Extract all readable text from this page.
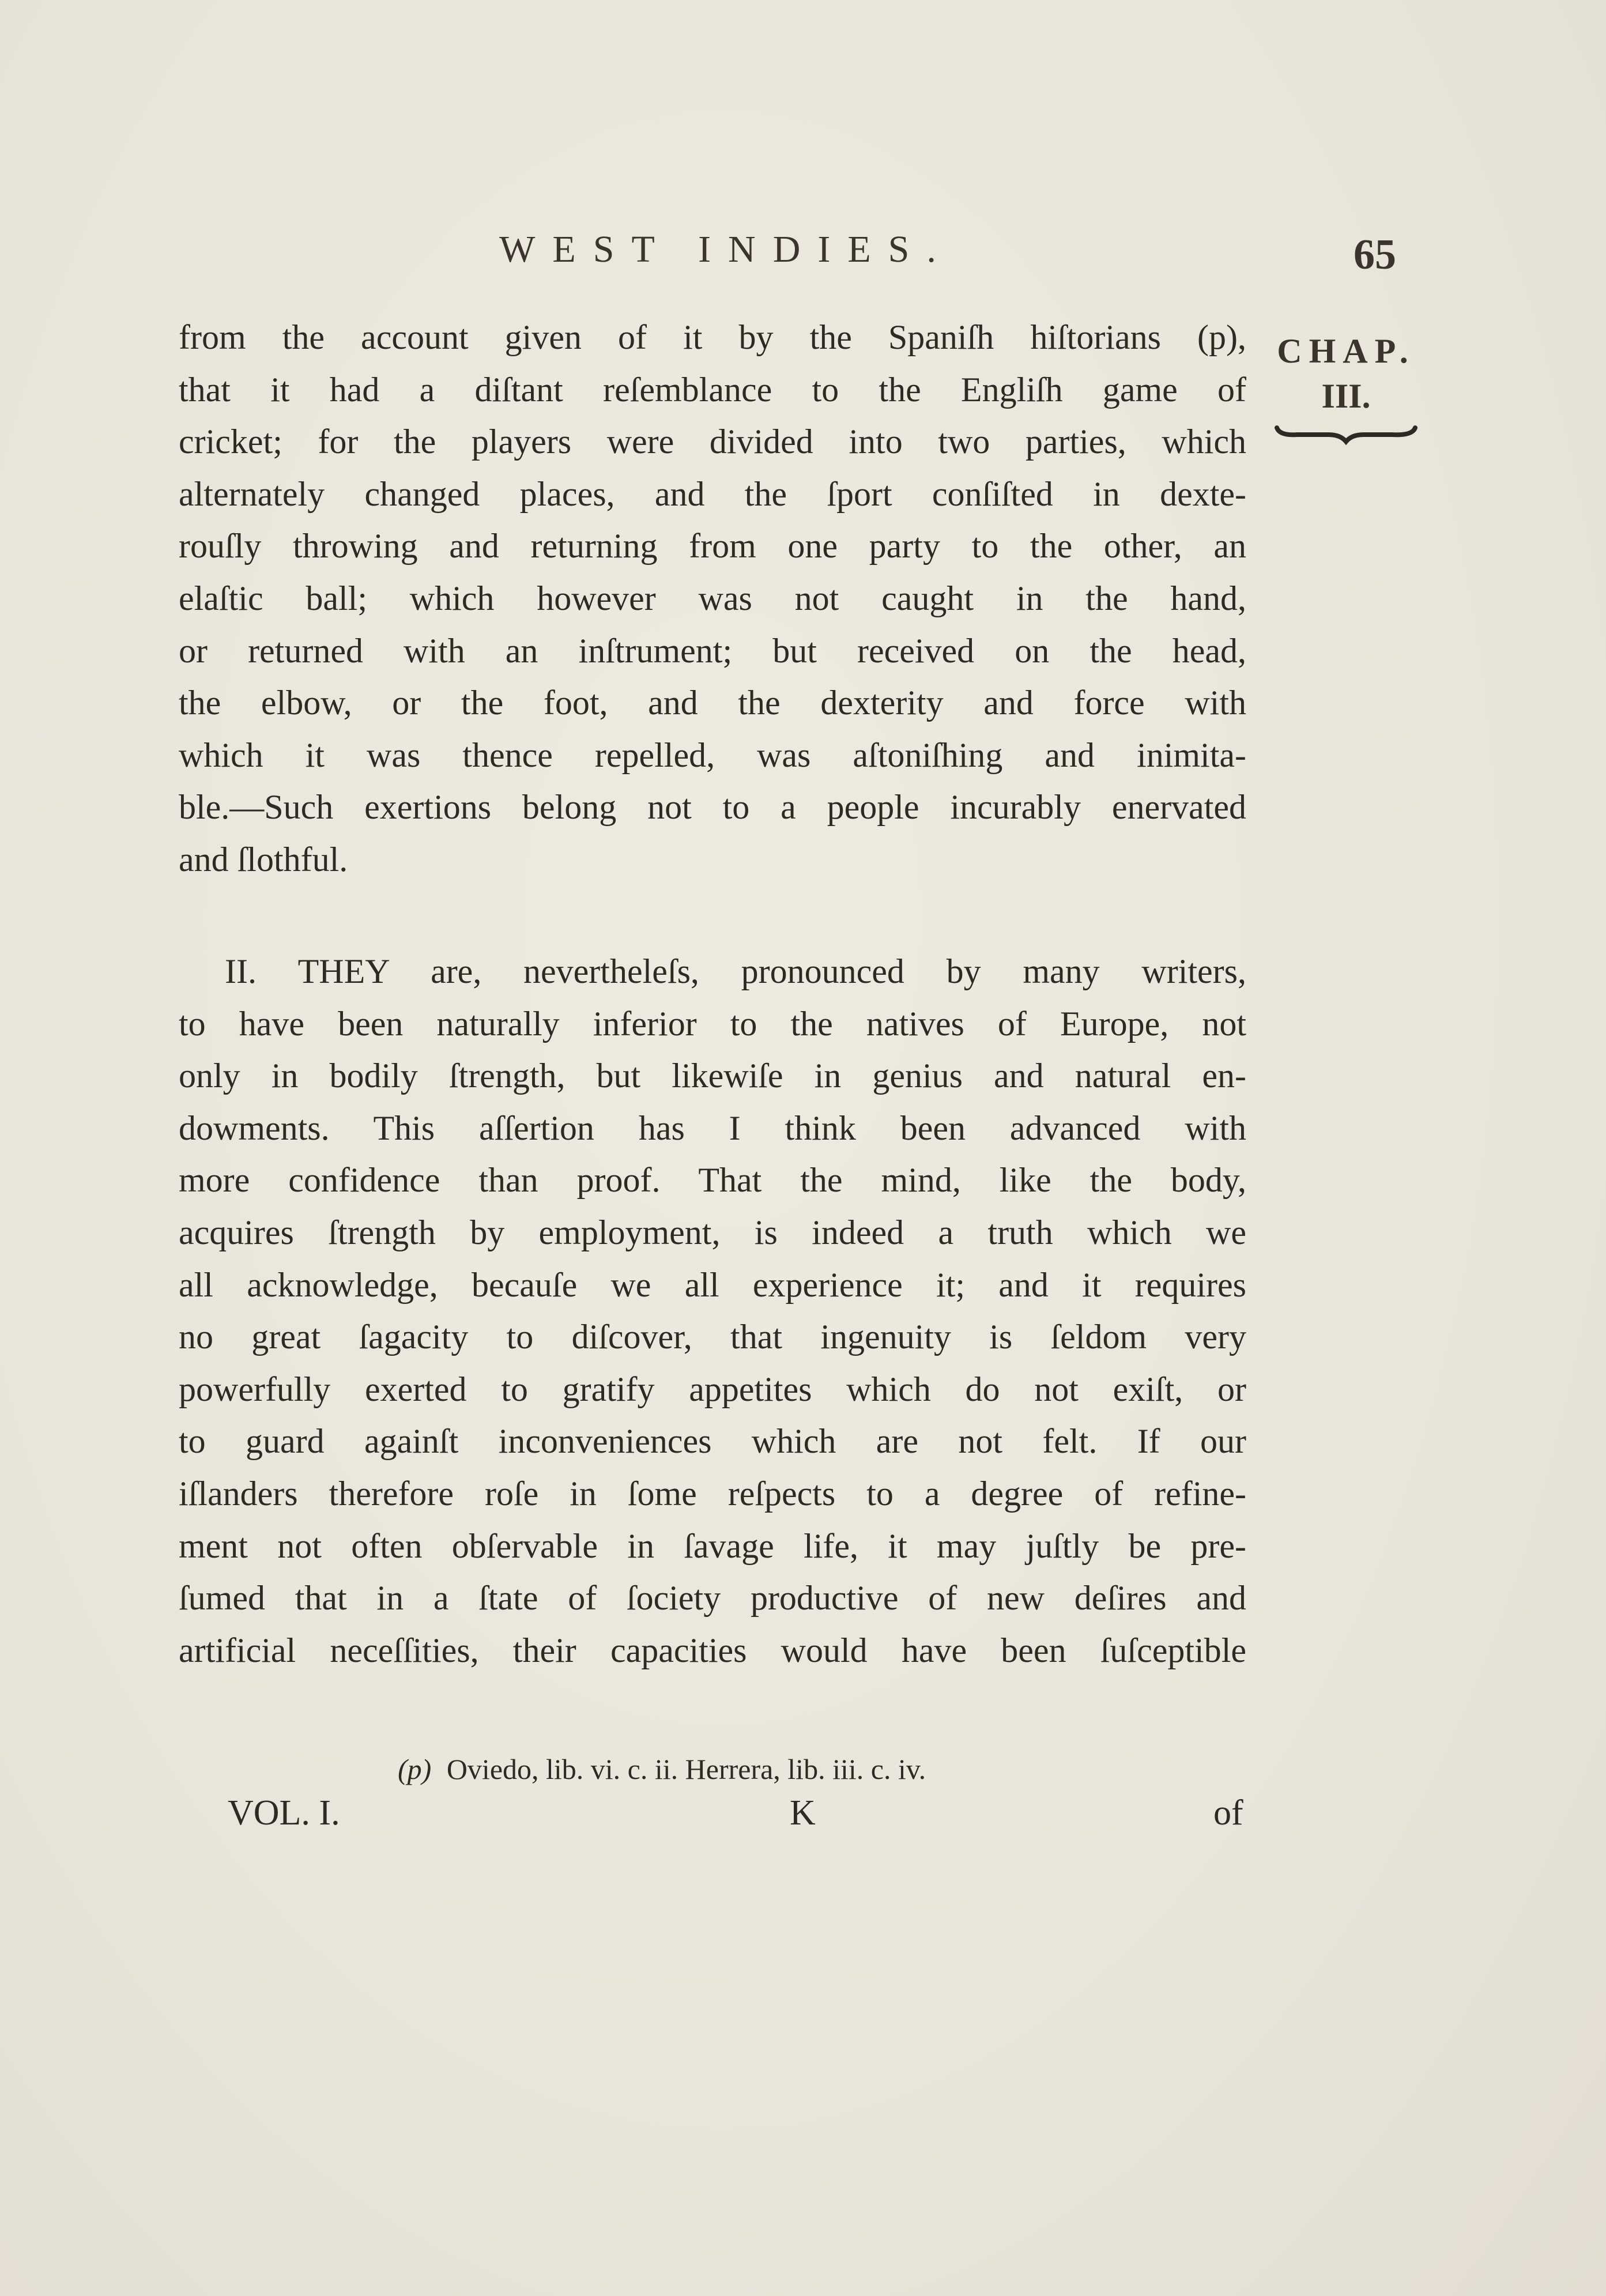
WEST INDIES.	65
CHAP.
III.
from the account given of it by the Spaniſh hiſtorians (p),
that it had a diſtant reſemblance to the Engliſh game of
cricket; for the players were divided into two parties, which
alternately changed places, and the ſport conſiſted in dexte-
rouſly throwing and returning from one party to the other, an
elaſtic ball; which however was not caught in the hand,
or returned with an inſtrument; but received on the head,
the elbow, or the foot, and the dexterity and force with
which it was thence repelled, was aſtoniſhing and inimita-
ble.—Such exertions belong not to a people incurably enervated
and ſlothful.
II. THEY are, nevertheleſs, pronounced by many writers,
to have been naturally inferior to the natives of Europe, not
only in bodily ſtrength, but likewiſe in genius and natural en-
dowments. This aſſertion has I think been advanced with
more confidence than proof. That the mind, like the body,
acquires ſtrength by employment, is indeed a truth which we
all acknowledge, becauſe we all experience it; and it requires
no great ſagacity to diſcover, that ingenuity is ſeldom very
powerfully exerted to gratify appetites which do not exiſt, or
to guard againſt inconveniences which are not felt. If our
iſlanders therefore roſe in ſome reſpects to a degree of refine-
ment not often obſervable in ſavage life, it may juſtly be pre-
ſumed that in a ſtate of ſociety productive of new deſires and
artificial neceſſities, their capacities would have been ſuſceptible
(p) Oviedo, lib. vi. c. ii. Herrera, lib. iii. c. iv.
VOL. I.	K	of
